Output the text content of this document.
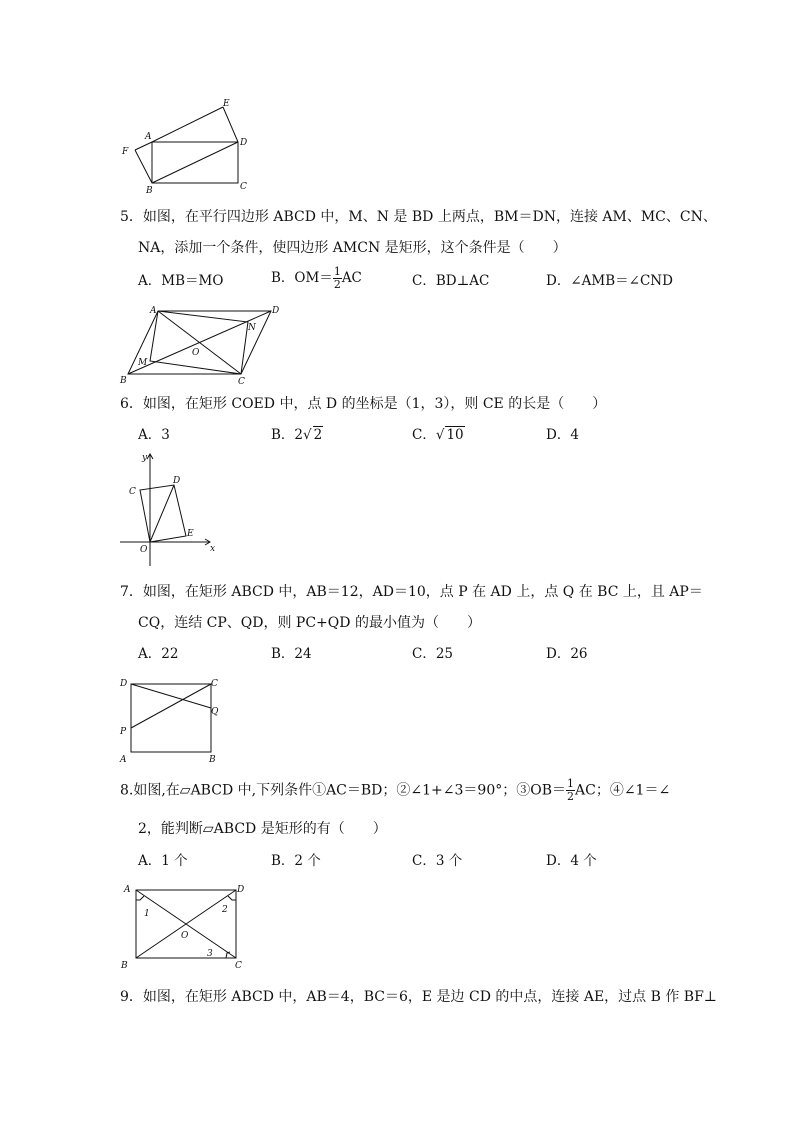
A
B	C
D
E
F
5．如图，在平行四边形 ABCD 中，M、N 是 BD 上两点，BM＝DN，连接 AM、MC、CN、
NA，添加一个条件，使四边形 AMCN 是矩形，这个条件是（　　）
A．MB＝MO	B．$OM= \frac{1}{2}$ AC	C．BD⊥AC	D．∠AMB＝∠CND
A
B	C
D
M
N
O
6．如图，在矩形 COED 中，点 D 的坐标是（1，3），则 CE 的长是（　　）
A．3	B．2√ 2	C．√ 10	D．4
y
x
C
D
E
O
7．如图，在矩形 ABCD 中，AB＝12，AD＝10，点 P 在 AD 上，点 Q 在 BC 上，且 AP＝
CQ，连结 CP、QD，则 PC+QD 的最小值为（　　）
A．22	B．24	C．25	D．26
D	C
Q
P
A	B
8.如图,在▱ABCD 中,下列条件①AC＝BD；②∠1+∠3＝90°；③OB＝ $\frac{1}{2}$ AC；④∠1＝∠
2，能判断▱ABCD 是矩形的有（　　）
A．1 个	B．2 个	C．3 个	D．4 个
A	D
B	C
O
1	2
3
9．如图，在矩形 ABCD 中，AB＝4，BC＝6，E 是边 CD 的中点，连接 AE，过点 B 作 BF⊥
